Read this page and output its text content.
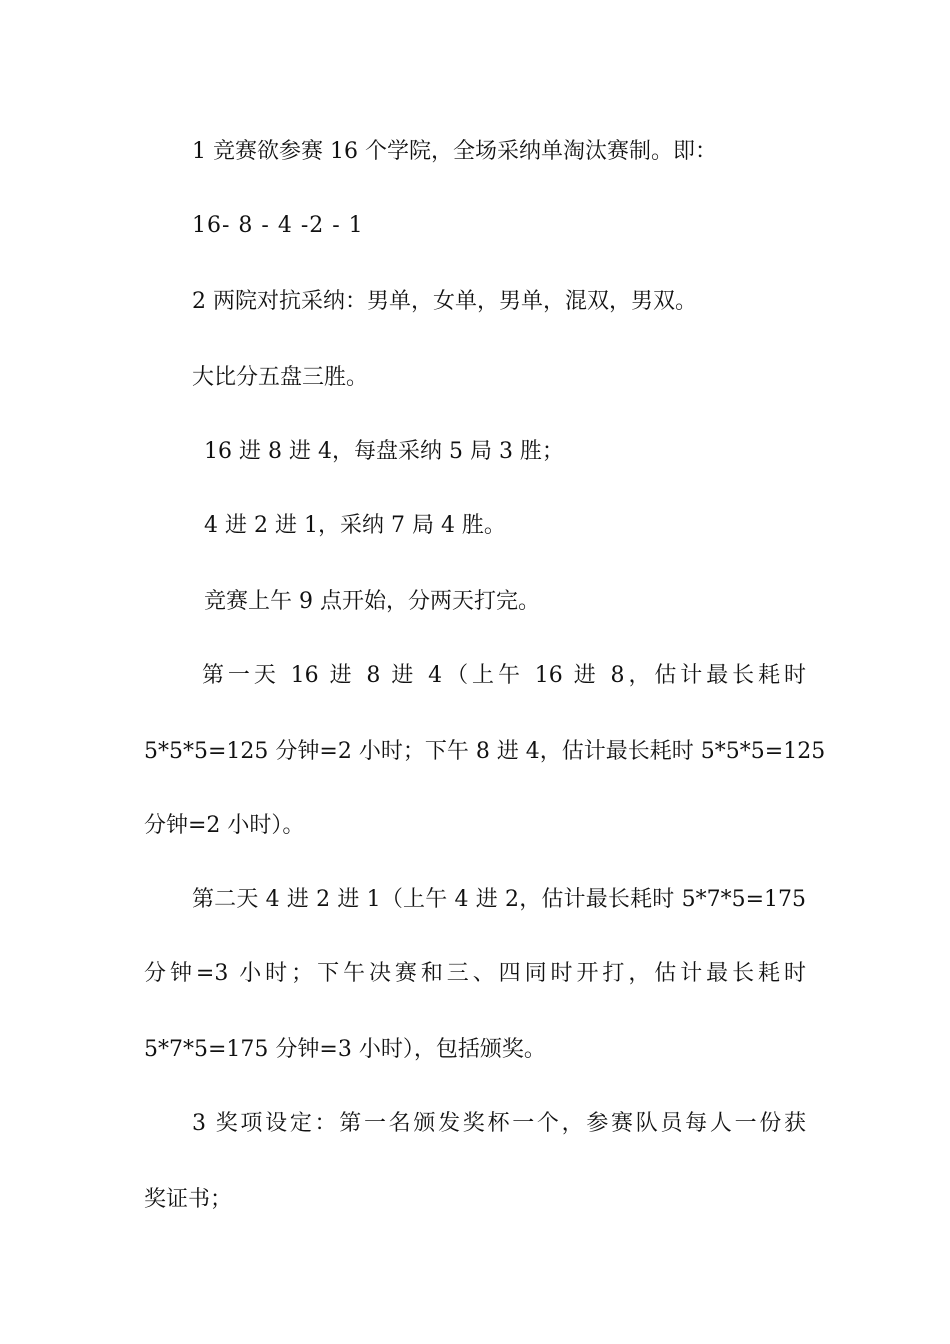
1 竞赛欲参赛 16 个学院，全场采纳单淘汰赛制。即：

16- 8 - 4 -2 - 1

2 两院对抗采纳：男单，女单，男单，混双，男双。

大比分五盘三胜。

16 进 8 进 4，每盘采纳 5 局 3 胜；

4 进 2 进 1，采纳 7 局 4 胜。

竞赛上午 9 点开始，分两天打完。

第一天 16 进 8 进 4（上午 16 进 8，估计最长耗时

5*5*5=125 分钟=2 小时；下午 8 进 4，估计最长耗时 5*5*5=125

分钟=2 小时）。

第二天 4 进 2 进 1（上午 4 进 2，估计最长耗时 5*7*5=175

分钟=3 小时；下午决赛和三、四同时开打，估计最长耗时

5*7*5=175 分钟=3 小时），包括颁奖。

3 奖项设定：第一名颁发奖杯一个，参赛队员每人一份获

奖证书；
